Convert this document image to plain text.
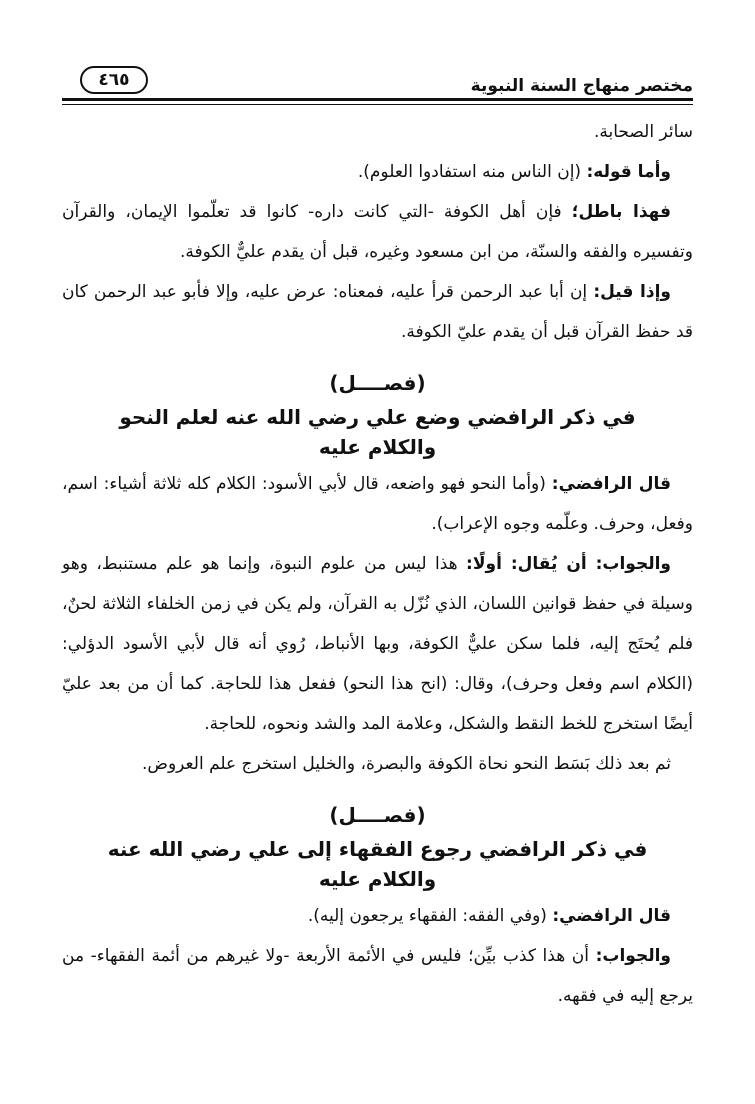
مختصر منهاج السنة النبوية
٤٦٥

سائر الصحابة.

وأما قوله: (إن الناس منه استفادوا العلوم).

فهذا باطل؛ فإن أهل الكوفة -التي كانت داره- كانوا قد تعلّموا الإيمان، والقرآن وتفسيره والفقه والسنّة، من ابن مسعود وغيره، قبل أن يقدم عليٌّ الكوفة.

وإذا قيل: إن أبا عبد الرحمن قرأ عليه، فمعناه: عرض عليه، وإلا فأبو عبد الرحمن كان قد حفظ القرآن قبل أن يقدم عليّ الكوفة.

(فصــــل)
في ذكر الرافضي وضع علي رضي الله عنه لعلم النحو
والكلام عليه

قال الرافضي: (وأما النحو فهو واضعه، قال لأبي الأسود: الكلام كله ثلاثة أشياء: اسم، وفعل، وحرف. وعلّمه وجوه الإعراب).

والجواب: أن يُقال: أولًا: هذا ليس من علوم النبوة، وإنما هو علم مستنبط، وهو وسيلة في حفظ قوانين اللسان، الذي نُزّل به القرآن، ولم يكن في زمن الخلفاء الثلاثة لحنٌ، فلم يُحتَج إليه، فلما سكن عليٌّ الكوفة، وبها الأنباط، رُوي أنه قال لأبي الأسود الدؤلي: (الكلام اسم وفعل وحرف)، وقال: (انح هذا النحو) ففعل هذا للحاجة. كما أن من بعد عليّ أيضًا استخرج للخط النقط والشكل، وعلامة المد والشد ونحوه، للحاجة.

ثم بعد ذلك بَسَط النحو نحاة الكوفة والبصرة، والخليل استخرج علم العروض.

(فصــــل)
في ذكر الرافضي رجوع الفقهاء إلى علي رضي الله عنه
والكلام عليه

قال الرافضي: (وفي الفقه: الفقهاء يرجعون إليه).

والجواب: أن هذا كذب بيِّن؛ فليس في الأئمة الأربعة -ولا غيرهم من أئمة الفقهاء- من يرجع إليه في فقهه.
